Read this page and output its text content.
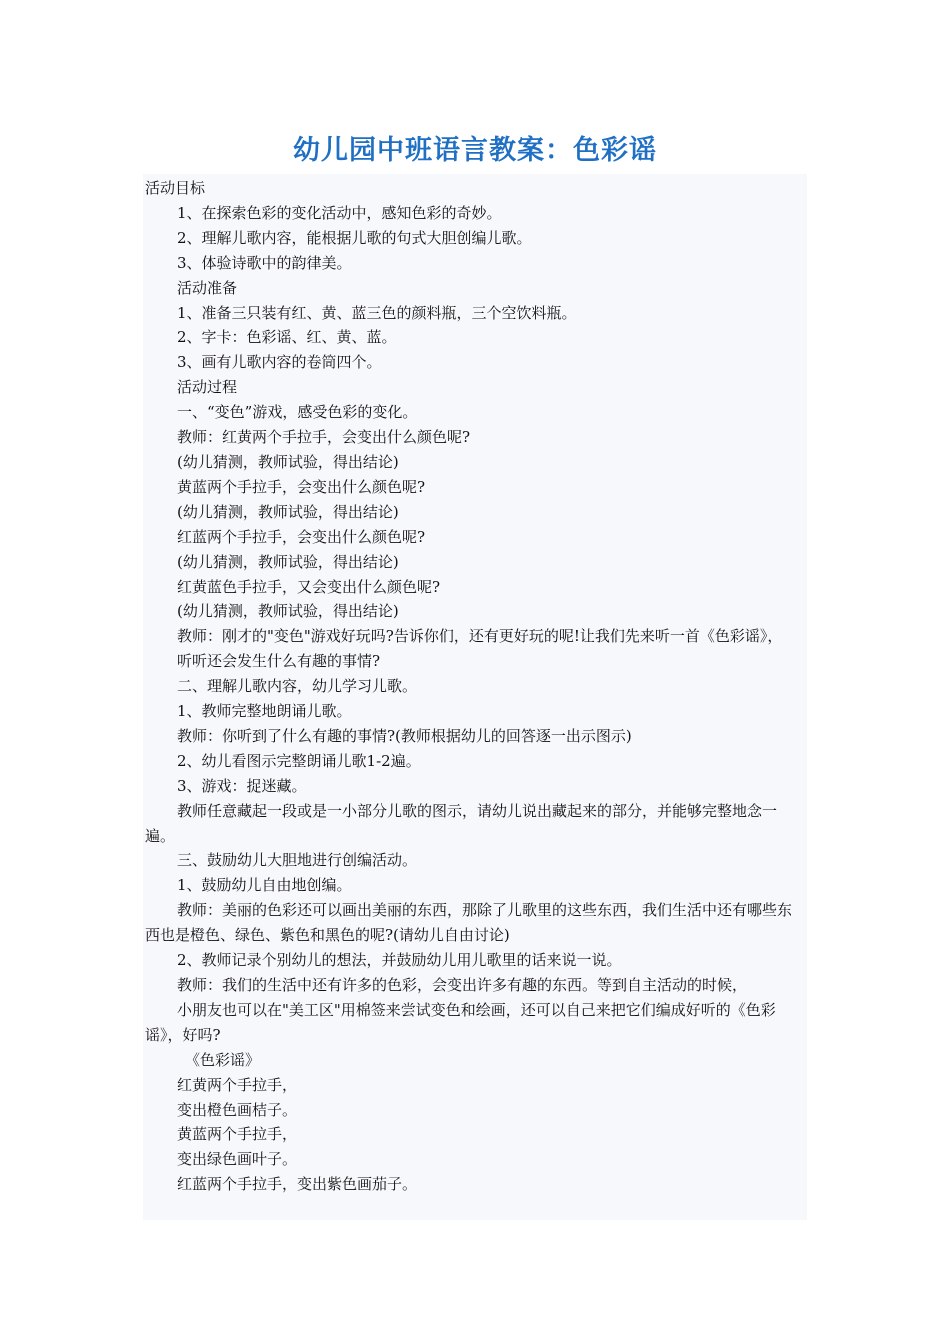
幼儿园中班语言教案：色彩谣

活动目标

1、在探索色彩的变化活动中，感知色彩的奇妙。

2、理解儿歌内容，能根据儿歌的句式大胆创编儿歌。

3、体验诗歌中的韵律美。

活动准备

1、准备三只装有红、黄、蓝三色的颜料瓶，三个空饮料瓶。

2、字卡：色彩谣、红、黄、蓝。

3、画有儿歌内容的卷筒四个。

活动过程

一、“变色”游戏，感受色彩的变化。

教师：红黄两个手拉手，会变出什么颜色呢?

(幼儿猜测，教师试验，得出结论)

黄蓝两个手拉手，会变出什么颜色呢?

(幼儿猜测，教师试验，得出结论)

红蓝两个手拉手，会变出什么颜色呢?

(幼儿猜测，教师试验，得出结论)

红黄蓝色手拉手，又会变出什么颜色呢?

(幼儿猜测，教师试验，得出结论)

教师：刚才的"变色"游戏好玩吗?告诉你们，还有更好玩的呢!让我们先来听一首《色彩谣》，

听听还会发生什么有趣的事情?

二、理解儿歌内容，幼儿学习儿歌。

1、教师完整地朗诵儿歌。

教师：你听到了什么有趣的事情?(教师根据幼儿的回答逐一出示图示)

2、幼儿看图示完整朗诵儿歌1-2遍。

3、游戏：捉迷藏。

教师任意藏起一段或是一小部分儿歌的图示，请幼儿说出藏起来的部分，并能够完整地念一遍。

三、鼓励幼儿大胆地进行创编活动。

1、鼓励幼儿自由地创编。

教师：美丽的色彩还可以画出美丽的东西，那除了儿歌里的这些东西，我们生活中还有哪些东西也是橙色、绿色、紫色和黑色的呢?(请幼儿自由讨论)

2、教师记录个别幼儿的想法，并鼓励幼儿用儿歌里的话来说一说。

教师：我们的生活中还有许多的色彩，会变出许多有趣的东西。等到自主活动的时候，

小朋友也可以在"美工区"用棉签来尝试变色和绘画，还可以自己来把它们编成好听的《色彩谣》，好吗?

《色彩谣》

红黄两个手拉手，

变出橙色画桔子。

黄蓝两个手拉手，

变出绿色画叶子。

红蓝两个手拉手，变出紫色画茄子。
